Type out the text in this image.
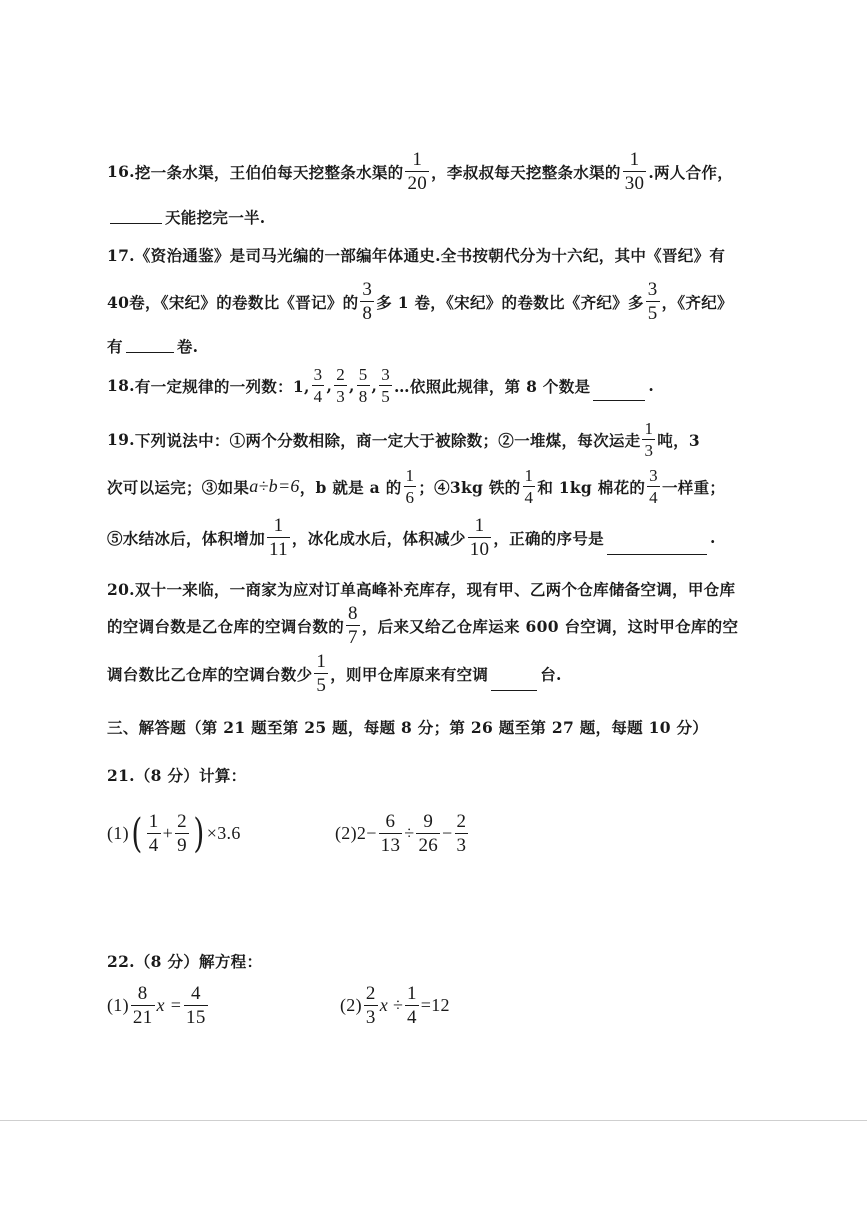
16. 挖一条水渠，王伯伯每天挖整条水渠的 $\frac{1}{20}$ ，李叔叔每天挖整条水渠的 $\frac{1}{30}$ .两人合作，
天能挖完一半.
17. 《资治通鉴》是司马光编的一部编年体通史.全书按朝代分为十六纪，其中《晋纪》有
40卷，《宋纪》的卷数比《晋记》的 $\frac{3}{8}$ 多 1 卷，《宋纪》的卷数比《齐纪》多 $\frac{3}{5}$ ，《齐纪》
有	卷.
18. 有一定规律的一列数：1, $\frac{3}{4}$ , $\frac{2}{3}$ , $\frac{5}{8}$ , $\frac{3}{5}$ …依照此规律，第 8 个数是	.
19. 下列说法中：①两个分数相除，商一定大于被除数；②一堆煤，每次运走 $\frac{1}{3}$ 吨，3
次可以运完；③如果 a÷b=6 ，b 就是 a 的 $\frac{1}{6}$ ；④3kg 铁的 $\frac{1}{4}$ 和 1kg 棉花的 $\frac{3}{4}$ 一样重；
⑤水结冰后，体积增加 $\frac{1}{11}$ ，冰化成水后，体积减少 $\frac{1}{10}$ ，正确的序号是	.
20. 双十一来临，一商家为应对订单高峰补充库存，现有甲、乙两个仓库储备空调，甲仓库
的空调台数是乙仓库的空调台数的 $\frac{8}{7}$ ，后来又给乙仓库运来 600 台空调，这时甲仓库的空
调台数比乙仓库的空调台数少 $\frac{1}{5}$ ，则甲仓库原来有空调	台.
三、解答题（第 21 题至第 25 题，每题 8 分；第 26 题至第 27 题，每题 10 分）
21.（8 分）计算：
(1) ( $\frac{1}{4} + \frac{2}{9}$ ) ×3.6	$(2)2- \frac{6}{13} \div \frac{9}{26} - \frac{2}{3}$
22.（8 分）解方程：
$(1) \frac{8}{21}$ $x = \frac{4}{15}$	$(2) \frac{2}{3}$ $x \div \frac{1}{4} =12$
